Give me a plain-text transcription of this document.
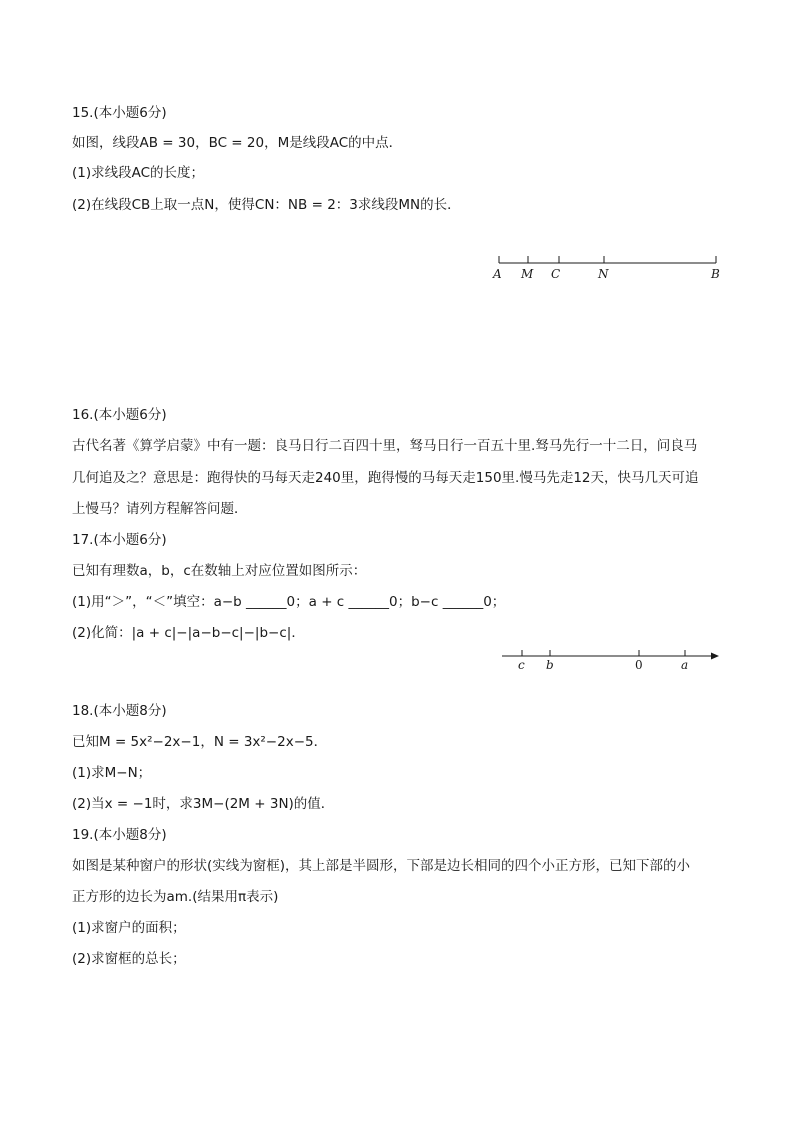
15.(本小题6分)
如图，线段AB = 30，BC = 20，M是线段AC的中点．
(1)求线段AC的长度；
(2)在线段CB上取一点N，使得CN：NB = 2：3求线段MN的长．
A M C	N	B
16.(本小题6分)
古代名著《算学启蒙》中有一题：良马日行二百四十里，驽马日行一百五十里.驽马先行一十二日，问良马
几何追及之？意思是：跑得快的马每天走240里，跑得慢的马每天走150里.慢马先走12天，快马几天可追
上慢马？请列方程解答问题．
17.(本小题6分)
已知有理数a，b，c在数轴上对应位置如图所示：
(1)用“＞”，“＜”填空：a−b ______0；a + c ______0；b−c ______0；
(2)化简：|a + c|−|a−b−c|−|b−c|．
c b	0	a
18.(本小题8分)
已知M = 5x²−2x−1，N = 3x²−2x−5．
(1)求M−N；
(2)当x = −1时，求3M−(2M + 3N)的值．
19.(本小题8分)
如图是某种窗户的形状(实线为窗框)，其上部是半圆形，下部是边长相同的四个小正方形，已知下部的小
正方形的边长为am.(结果用π表示)
(1)求窗户的面积；
(2)求窗框的总长；
